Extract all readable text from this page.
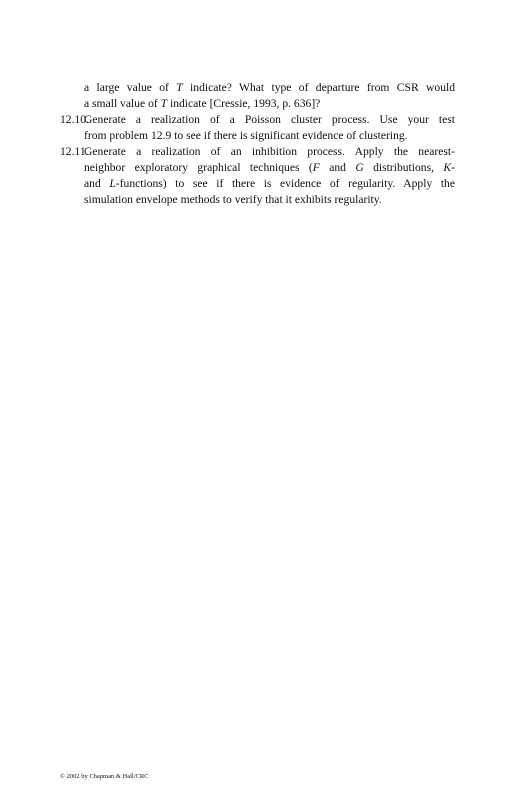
a large value of T indicate? What type of departure from CSR would
a small value of T indicate [Cressie, 1993, p. 636]?
12.10.Generate a realization of a Poisson cluster process. Use your test
from problem 12.9 to see if there is significant evidence of clustering.
12.11.Generate a realization of an inhibition process. Apply the nearest-
neighbor exploratory graphical techniques (F and G distributions, K-
and L-functions) to see if there is evidence of regularity. Apply the
simulation envelope methods to verify that it exhibits regularity.
© 2002 by Chapman & Hall/CRC
